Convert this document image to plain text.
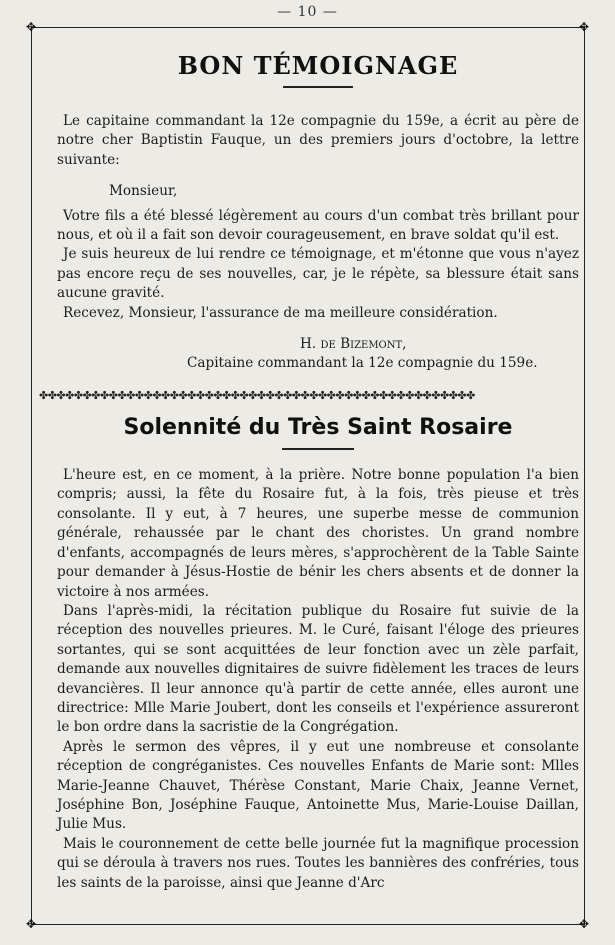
— 10 —
✥	✥
✥	✥
BON TÉMOIGNAGE

Le capitaine commandant la 12e compagnie du 159e, a écrit au père de notre cher Baptistin Fauque, un des premiers jours d'octobre, la lettre suivante:

Monsieur,

Votre fils a été blessé légèrement au cours d'un combat très brillant pour nous, et où il a fait son devoir courageusement, en brave soldat qu'il est.

Je suis heureux de lui rendre ce témoignage, et m'étonne que vous n'ayez pas encore reçu de ses nouvelles, car, je le répète, sa blessure était sans aucune gravité.

Recevez, Monsieur, l'assurance de ma meilleure considération.

H. de Bizemont,
Capitaine commandant la 12e compagnie du 159e.
✤✤✤✤✤✤✤✤✤✤✤✤✤✤✤✤✤✤✤✤✤✤✤✤✤✤✤✤✤✤✤✤✤✤✤✤✤✤✤✤✤✤✤✤✤✤✤✤✤✤
Solennité du Très Saint Rosaire

L'heure est, en ce moment, à la prière. Notre bonne population l'a bien compris; aussi, la fête du Rosaire fut, à la fois, très pieuse et très consolante. Il y eut, à 7 heures, une superbe messe de communion générale, rehaussée par le chant des choristes. Un grand nombre d'enfants, accompagnés de leurs mères, s'approchèrent de la Table Sainte pour demander à Jésus-Hostie de bénir les chers absents et de donner la victoire à nos armées.

Dans l'après-midi, la récitation publique du Rosaire fut suivie de la réception des nouvelles prieures. M. le Curé, faisant l'éloge des prieures sortantes, qui se sont acquittées de leur fonction avec un zèle parfait, demande aux nouvelles dignitaires de suivre fidèlement les traces de leurs devancières. Il leur annonce qu'à partir de cette année, elles auront une directrice: Mlle Marie Joubert, dont les conseils et l'expérience assureront le bon ordre dans la sacristie de la Congrégation.

Après le sermon des vêpres, il y eut une nombreuse et consolante réception de congréganistes. Ces nouvelles Enfants de Marie sont: Mlles Marie-Jeanne Chauvet, Thérèse Constant, Marie Chaix, Jeanne Vernet, Joséphine Bon, Joséphine Fauque, Antoinette Mus, Marie-Louise Daillan, Julie Mus.

Mais le couronnement de cette belle journée fut la magnifique procession qui se déroula à travers nos rues. Toutes les bannières des confréries, tous les saints de la paroisse, ainsi que Jeanne d'Arc
